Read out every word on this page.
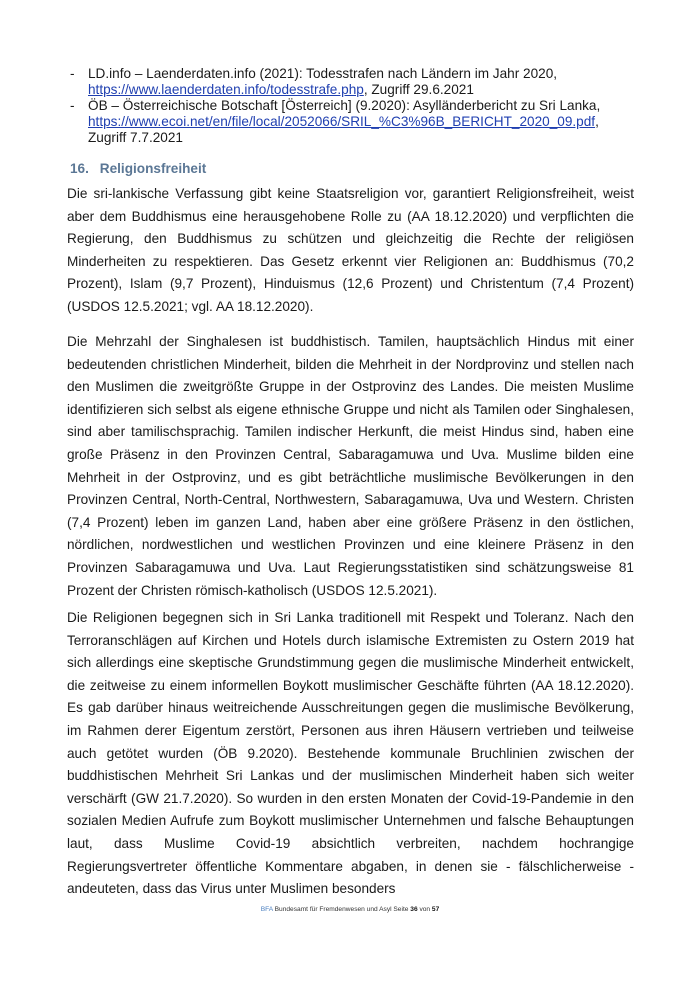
- LD.info – Laenderdaten.info (2021): Todesstrafen nach Ländern im Jahr 2020,
https://www.laenderdaten.info/todesstrafe.php, Zugriff 29.6.2021
- ÖB – Österreichische Botschaft [Österreich] (9.2020): Asylländerbericht zu Sri Lanka,
https://www.ecoi.net/en/file/local/2052066/SRIL_%C3%96B_BERICHT_2020_09.pdf, Zugriff 7.7.2021
16. Religionsfreiheit

Die sri-lankische Verfassung gibt keine Staatsreligion vor, garantiert Religionsfreiheit, weist aber dem Buddhismus eine herausgehobene Rolle zu (AA 18.12.2020) und verpflichten die Regierung, den Buddhismus zu schützen und gleichzeitig die Rechte der religiösen Minderheiten zu respektieren. Das Gesetz erkennt vier Religionen an: Buddhismus (70,2 Prozent), Islam (9,7 Prozent), Hinduismus (12,6 Prozent) und Christentum (7,4 Prozent) (USDOS 12.5.2021; vgl. AA 18.12.2020).

Die Mehrzahl der Singhalesen ist buddhistisch. Tamilen, hauptsächlich Hindus mit einer bedeutenden christlichen Minderheit, bilden die Mehrheit in der Nordprovinz und stellen nach den Muslimen die zweitgrößte Gruppe in der Ostprovinz des Landes. Die meisten Muslime identifizieren sich selbst als eigene ethnische Gruppe und nicht als Tamilen oder Singhalesen, sind aber tamilischsprachig. Tamilen indischer Herkunft, die meist Hindus sind, haben eine große Präsenz in den Provinzen Central, Sabaragamuwa und Uva. Muslime bilden eine Mehrheit in der Ostprovinz, und es gibt beträchtliche muslimische Bevölkerungen in den Provinzen Central, North-Central, Northwestern, Sabaragamuwa, Uva und Western. Christen (7,4 Prozent) leben im ganzen Land, haben aber eine größere Präsenz in den östlichen, nördlichen, nordwestlichen und westlichen Provinzen und eine kleinere Präsenz in den Provinzen Sabaragamuwa und Uva. Laut Regierungsstatistiken sind schätzungsweise 81 Prozent der Christen römisch-katholisch (USDOS 12.5.2021).

Die Religionen begegnen sich in Sri Lanka traditionell mit Respekt und Toleranz. Nach den Terroranschlägen auf Kirchen und Hotels durch islamische Extremisten zu Ostern 2019 hat sich allerdings eine skeptische Grundstimmung gegen die muslimische Minderheit entwickelt, die zeitweise zu einem informellen Boykott muslimischer Geschäfte führten (AA 18.12.2020). Es gab darüber hinaus weitreichende Ausschreitungen gegen die muslimische Bevölkerung, im Rahmen derer Eigentum zerstört, Personen aus ihren Häusern vertrieben und teilweise auch getötet wurden (ÖB 9.2020). Bestehende kommunale Bruchlinien zwischen der buddhistischen Mehrheit Sri Lankas und der muslimischen Minderheit haben sich weiter verschärft (GW 21.7.2020). So wurden in den ersten Monaten der Covid-19-Pandemie in den sozialen Medien Aufrufe zum Boykott muslimischer Unternehmen und falsche Behauptungen laut, dass Muslime Covid-19 absichtlich verbreiten, nachdem hochrangige Regierungsvertreter öffentliche Kommentare abgaben, in denen sie - fälschlicherweise - andeuteten, dass das Virus unter Muslimen besonders

BFA Bundesamt für Fremdenwesen und Asyl Seite 36 von 57
